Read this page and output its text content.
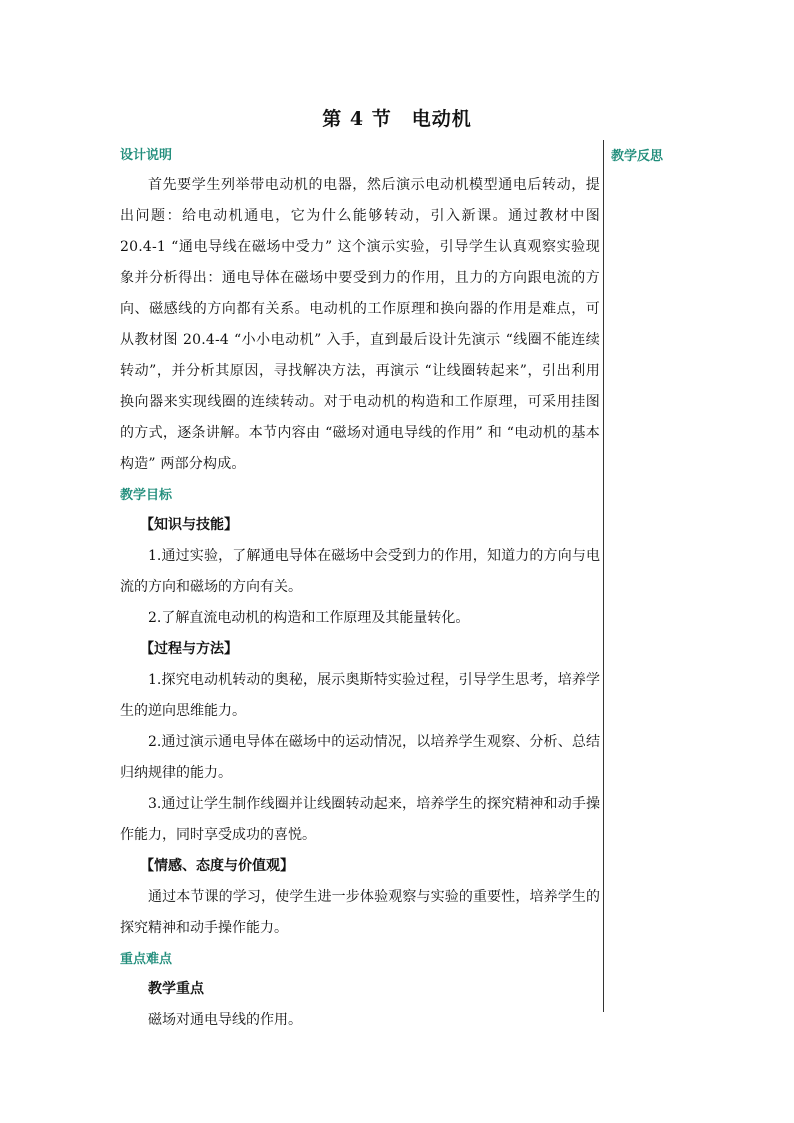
第 4 节　电动机
教学反思
设计说明
首先要学生列举带电动机的电器，然后演示电动机模型通电后转动，提出问题：给电动机通电，它为什么能够转动，引入新课。通过教材中图 20.4-1 “通电导线在磁场中受力” 这个演示实验，引导学生认真观察实验现象并分析得出：通电导体在磁场中要受到力的作用，且力的方向跟电流的方向、磁感线的方向都有关系。电动机的工作原理和换向器的作用是难点，可从教材图 20.4-4 “小小电动机” 入手，直到最后设计先演示 “线圈不能连续转动”，并分析其原因，寻找解决方法，再演示 “让线圈转起来”，引出利用换向器来实现线圈的连续转动。对于电动机的构造和工作原理，可采用挂图的方式，逐条讲解。本节内容由 “磁场对通电导线的作用” 和 “电动机的基本构造” 两部分构成。
教学目标
【知识与技能】
1.通过实验，了解通电导体在磁场中会受到力的作用，知道力的方向与电流的方向和磁场的方向有关。
2.了解直流电动机的构造和工作原理及其能量转化。
【过程与方法】
1.探究电动机转动的奥秘，展示奥斯特实验过程，引导学生思考，培养学生的逆向思维能力。
2.通过演示通电导体在磁场中的运动情况，以培养学生观察、分析、总结归纳规律的能力。
3.通过让学生制作线圈并让线圈转动起来，培养学生的探究精神和动手操作能力，同时享受成功的喜悦。
【情感、态度与价值观】
通过本节课的学习，使学生进一步体验观察与实验的重要性，培养学生的探究精神和动手操作能力。
重点难点
教学重点
磁场对通电导线的作用。
